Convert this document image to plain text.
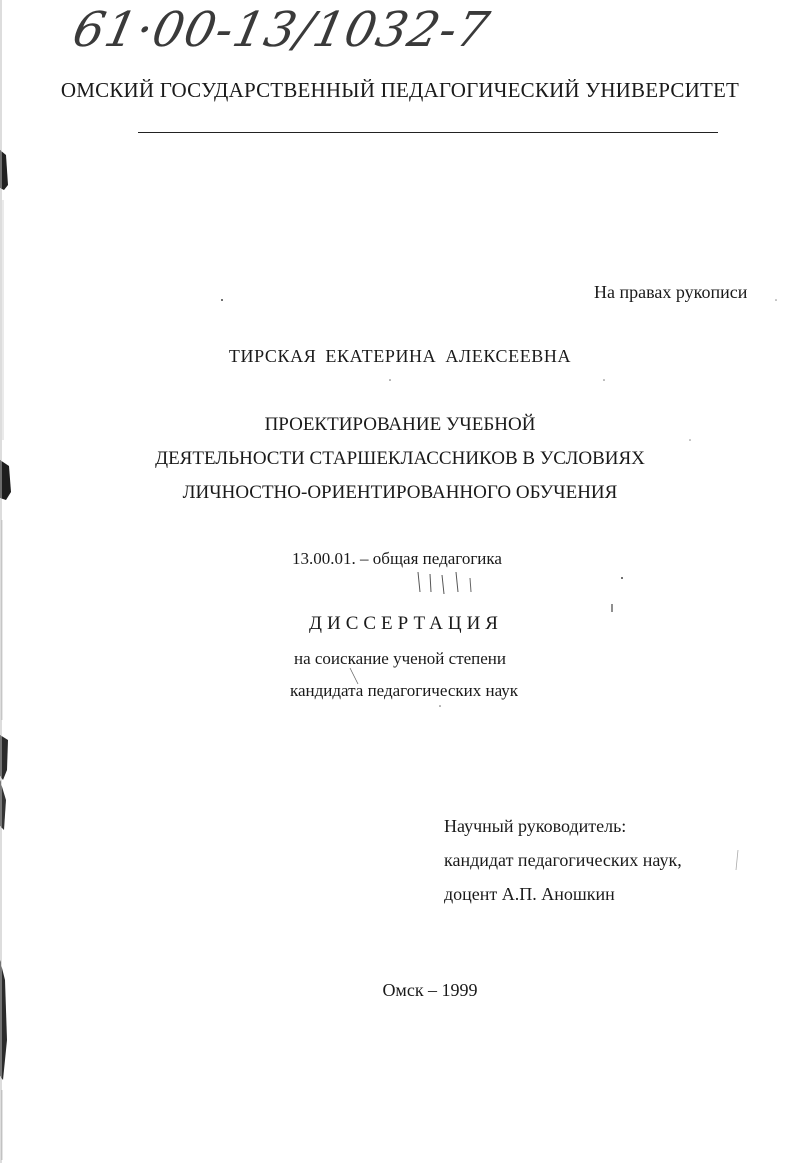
61·00-13/1032-7
ОМСКИЙ ГОСУДАРСТВЕННЫЙ ПЕДАГОГИЧЕСКИЙ УНИВЕРСИТЕТ
На правах рукописи
ТИРСКАЯ ЕКАТЕРИНА АЛЕКСЕЕВНА
ПРОЕКТИРОВАНИЕ УЧЕБНОЙ
ДЕЯТЕЛЬНОСТИ СТАРШЕКЛАССНИКОВ В УСЛОВИЯХ
ЛИЧНОСТНО-ОРИЕНТИРОВАННОГО ОБУЧЕНИЯ
13.00.01. – общая педагогика
ДИССЕРТАЦИЯ
на соискание ученой степени
кандидата педагогических наук
Научный руководитель:
кандидат педагогических наук,
доцент А.П. Аношкин
Омск – 1999
